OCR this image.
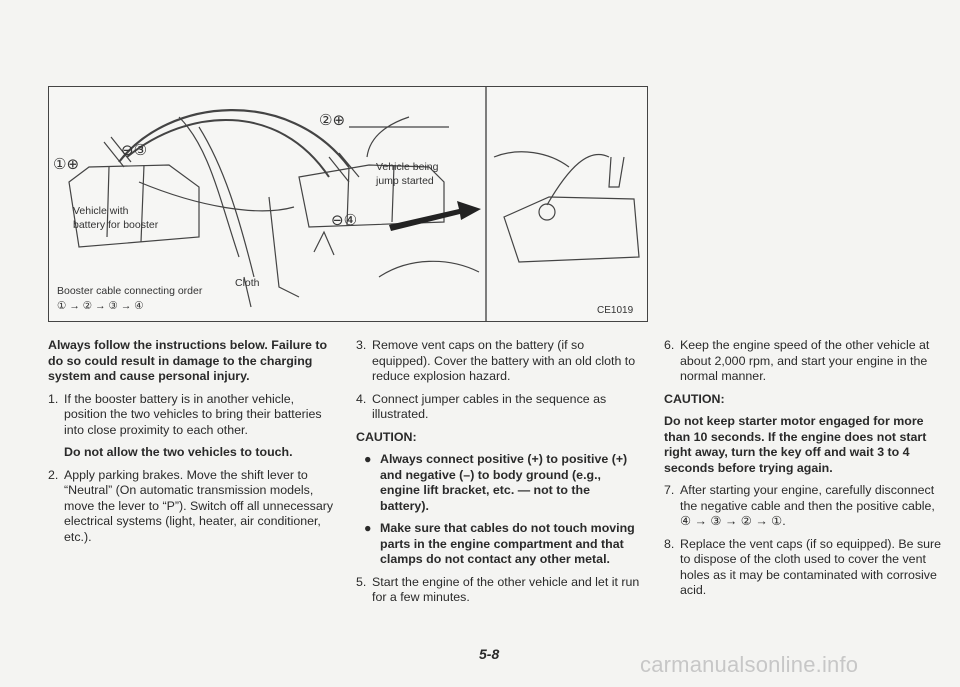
①⊕
②⊕
⊖③
⊖④
Vehicle with
battery for booster
Vehicle being
jump started
Cloth
Booster cable connecting order
① → ② → ③ → ④	CE1019

Always follow the instructions below. Failure to do so could result in damage to the charging system and cause personal injury.

1. If the booster battery is in another vehicle, position the two vehicles to bring their batteries into close proximity to each other.

Do not allow the two vehicles to touch.

2. Apply parking brakes. Move the shift lever to “Neutral” (On automatic transmission models, move the lever to “P”). Switch off all unnecessary electrical systems (light, heater, air conditioner, etc.).
3. Remove vent caps on the battery (if so equipped). Cover the battery with an old cloth to reduce explosion hazard.
4. Connect jumper cables in the sequence as illustrated.

CAUTION:

● Always connect positive (+) to positive (+) and negative (–) to body ground (e.g., engine lift bracket, etc. — not to the battery).
● Make sure that cables do not touch moving parts in the engine compartment and that clamps do not contact any other metal.
5. Start the engine of the other vehicle and let it run for a few minutes.
6. Keep the engine speed of the other vehicle at about 2,000 rpm, and start your engine in the normal manner.

CAUTION:

Do not keep starter motor engaged for more than 10 seconds. If the engine does not start right away, turn the key off and wait 3 to 4 seconds before trying again.

7. After starting your engine, carefully disconnect the negative cable and then the positive cable, ④ → ③ → ② → ①.
8. Replace the vent caps (if so equipped). Be sure to dispose of the cloth used to cover the vent holes as it may be contaminated with corrosive acid.
5-8	carmanualsonline.info
